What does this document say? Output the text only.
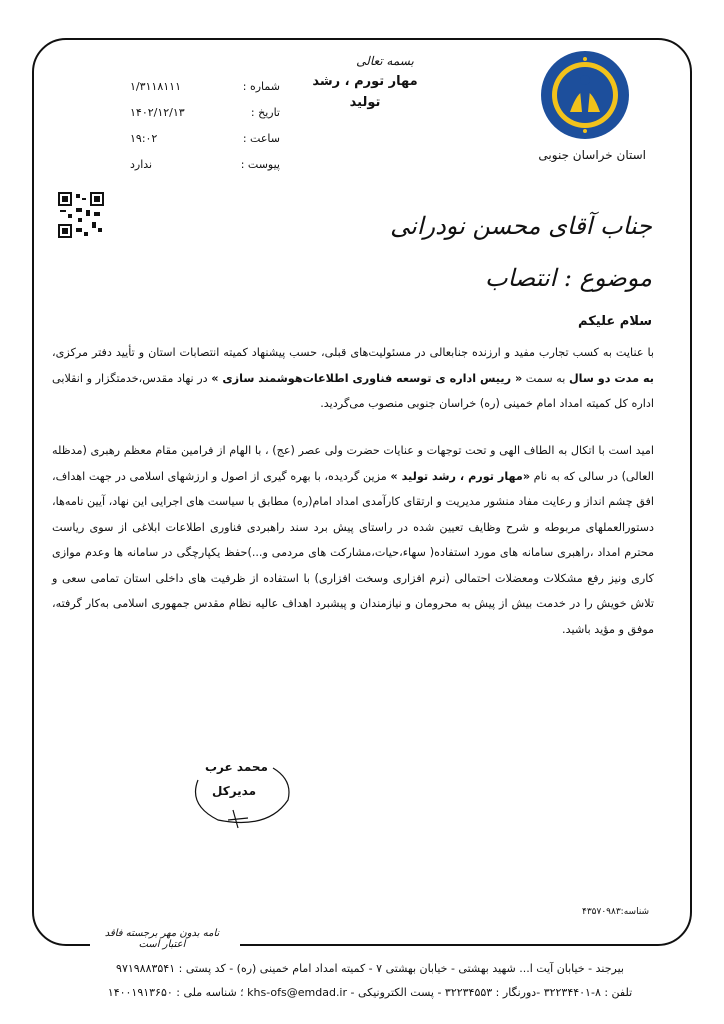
نامه بدون مهر برجسته فاقد اعتبار است
استان خراسان جنوبی
بسمه تعالی
مهار تورم ، رشد
تولید
شماره :
۱/۳۱۱۸۱۱۱
تاریخ :
۱۴۰۲/۱۲/۱۳
ساعت :
۱۹:۰۲
پیوست :
ندارد
جناب آقای محسن نودرانی
موضوع : انتصاب
سلام علیکم
با عنایت به کسب تجارب مفید و ارزنده جنابعالی در مسئولیت‌های قبلی، حسب پیشنهاد کمیته انتصابات استان و تأیید دفتر مرکزی، به مدت دو سال به سمت « رییس اداره ی توسعه فناوری اطلاعات‌هوشمند سازی » در نهاد مقدس،خدمتگزار و انقلابی اداره کل کمیته امداد امام خمینی (ره) خراسان جنوبی منصوب می‌گردید.
امید است با اتکال به الطاف الهی و تحت توجهات و عنایات حضرت ولی عصر (عج) ، با الهام از فرامین مقام معظم رهبری (مدظله العالی) در سالی که به نام «مهار تورم ، رشد تولید » مزین گردیده، با بهره گیری از اصول و ارزشهای اسلامی در جهت اهداف، افق چشم انداز و رعایت مفاد منشور مدیریت و ارتقای کارآمدی امداد امام(ره) مطابق با سیاست های اجرایی این نهاد، آیین نامه‌ها، دستورالعملهای مربوطه و شرح وظایف تعیین شده در راستای پیش برد سند راهبردی فناوری اطلاعات ابلاغی از سوی ریاست محترم امداد ،راهبری سامانه های مورد استفاده( سهاء،حیات،مشارکت های مردمی و...)حفظ یکپارچگی در سامانه ها وعدم موازی کاری ونیز رفع مشکلات ومعضلات احتمالی (نرم افزاری وسخت افزاری) با استفاده از ظرفیت های داخلی استان تمامی سعی و تلاش خویش را در خدمت بیش از پیش به محرومان و نیازمندان و پیشبرد اهداف عالیه نظام مقدس جمهوری اسلامی به‌کار گرفته، موفق و مؤید باشید.
محمد عرب
مدیرکل
شناسه:۴۳۵۷۰۹۸۳
بیرجند - خیابان آیت ا... شهید بهشتی - خیابان بهشتی ۷ - کمیته امداد امام خمینی (ره) - کد پستی : ۹۷۱۹۸۸۳۵۴۱
تلفن : ۸-۳۲۲۳۴۴۰۱ -دورنگار : ۳۲۲۳۴۵۵۳ - پست الکترونیکی - khs-ofs@emdad.ir ؛ شناسه ملی : ۱۴۰۰۱۹۱۳۶۵۰
